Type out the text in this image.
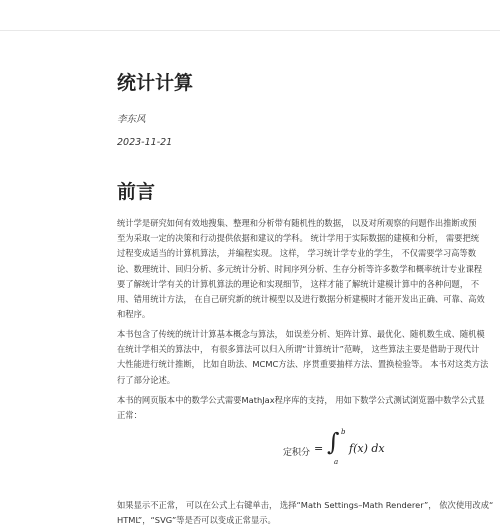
统计计算
李东风
2023-11-21
前言
统计学是研究如何有效地搜集、整理和分析带有随机性的数据， 以及对所观察的问题作出推断或预
至为采取一定的决策和行动提供依据和建议的学科。 统计学用于实际数据的建模和分析， 需要把统
过程变成适当的计算机算法， 并编程实现。 这样， 学习统计学专业的学生， 不仅需要学习高等数
论、数理统计、回归分析、多元统计分析、时间序列分析、生存分析等许多数学和概率统计专业课程
要了解统计学有关的计算机算法的理论和实现细节， 这样才能了解统计建模计算中的各种问题， 不
用、错用统计方法， 在自己研究新的统计模型以及进行数据分析建模时才能开发出正确、可靠、高效
和程序。
本书包含了传统的统计计算基本概念与算法， 如误差分析、矩阵计算、最优化、随机数生成、随机模
在统计学相关的算法中， 有很多算法可以归入所谓“计算统计”范畴， 这些算法主要是借助于现代计
大性能进行统计推断， 比如自助法、MCMC方法、序贯重要抽样方法、置换检验等。 本书对这类方法
行了部分论述。
本书的网页版本中的数学公式需要MathJax程序库的支持， 用如下数学公式测试浏览器中数学公式显
正常：
定积分 = ∫ b
a
f(x) dx
如果显示不正常， 可以在公式上右键单击， 选择“Math Settings–Math Renderer”， 依次使用改成“
HTML”，“SVG”等是否可以变成正常显示。
